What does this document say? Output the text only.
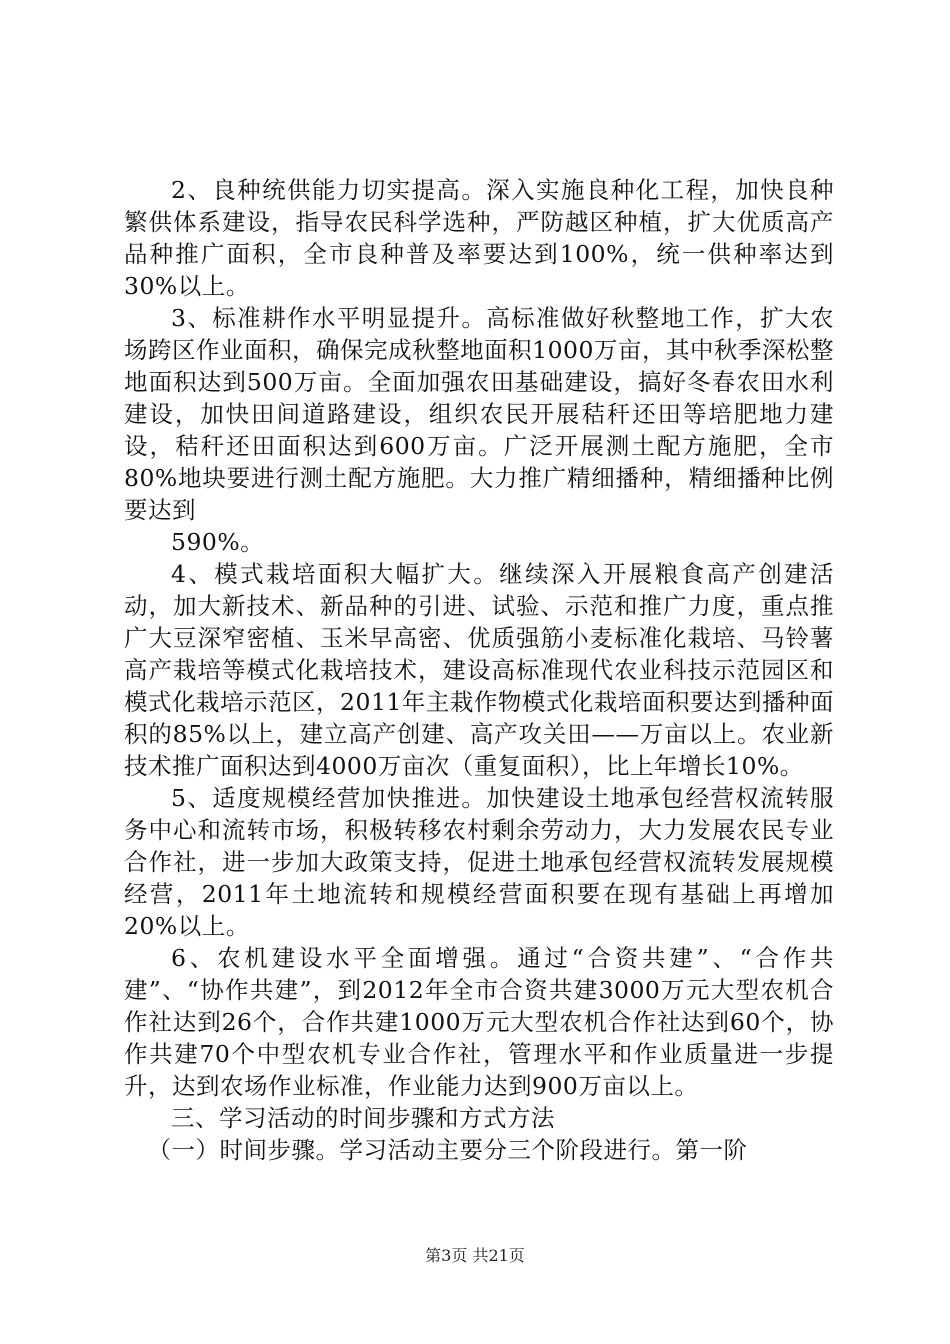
2、良种统供能力切实提高。深入实施良种化工程，加快良种繁供体系建设，指导农民科学选种，严防越区种植，扩大优质高产品种推广面积，全市良种普及率要达到100%，统一供种率达到30%以上。

3、标准耕作水平明显提升。高标准做好秋整地工作，扩大农场跨区作业面积，确保完成秋整地面积1000万亩，其中秋季深松整地面积达到500万亩。全面加强农田基础建设，搞好冬春农田水利建设，加快田间道路建设，组织农民开展秸秆还田等培肥地力建设，秸秆还田面积达到600万亩。广泛开展测土配方施肥，全市80%地块要进行测土配方施肥。大力推广精细播种，精细播种比例要达到

590%。

4、模式栽培面积大幅扩大。继续深入开展粮食高产创建活动，加大新技术、新品种的引进、试验、示范和推广力度，重点推广大豆深窄密植、玉米早高密、优质强筋小麦标准化栽培、马铃薯高产栽培等模式化栽培技术，建设高标准现代农业科技示范园区和模式化栽培示范区，2011年主栽作物模式化栽培面积要达到播种面积的85%以上，建立高产创建、高产攻关田——万亩以上。农业新技术推广面积达到4000万亩次（重复面积），比上年增长10%。

5、适度规模经营加快推进。加快建设土地承包经营权流转服务中心和流转市场，积极转移农村剩余劳动力，大力发展农民专业合作社，进一步加大政策支持，促进土地承包经营权流转发展规模经营，2011年土地流转和规模经营面积要在现有基础上再增加20%以上。

6、农机建设水平全面增强。通过“合资共建”、“合作共建”、“协作共建”，到2012年全市合资共建3000万元大型农机合作社达到26个，合作共建1000万元大型农机合作社达到60个，协作共建70个中型农机专业合作社，管理水平和作业质量进一步提升，达到农场作业标准，作业能力达到900万亩以上。

三、学习活动的时间步骤和方式方法

（一）时间步骤。学习活动主要分三个阶段进行。第一阶

第3页 共21页
